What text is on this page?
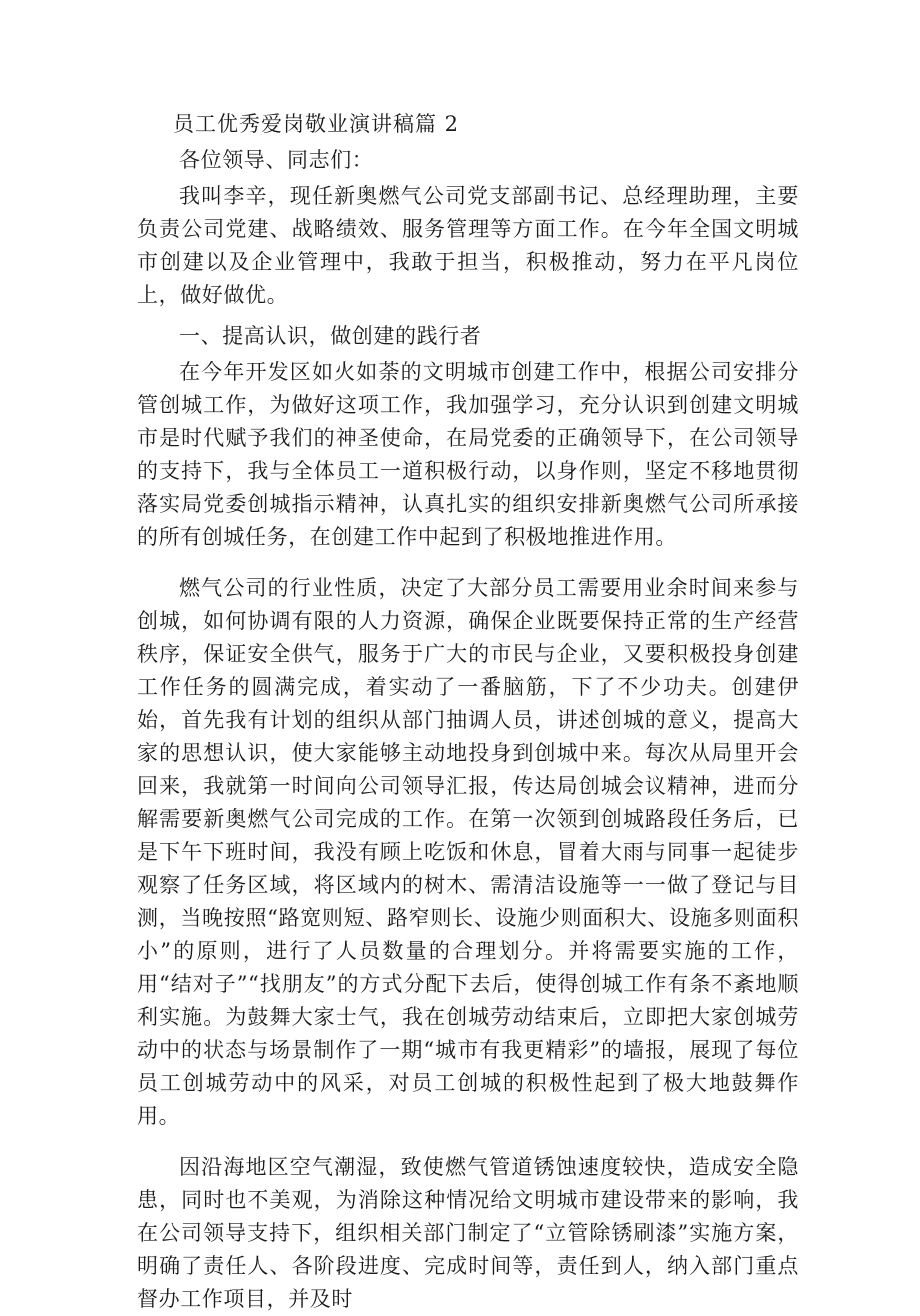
员工优秀爱岗敬业演讲稿篇 2

各位领导、同志们：

我叫李辛，现任新奥燃气公司党支部副书记、总经理助理，主要负责公司党建、战略绩效、服务管理等方面工作。在今年全国文明城市创建以及企业管理中，我敢于担当，积极推动，努力在平凡岗位上，做好做优。

一、提高认识，做创建的践行者

在今年开发区如火如荼的文明城市创建工作中，根据公司安排分管创城工作，为做好这项工作，我加强学习，充分认识到创建文明城市是时代赋予我们的神圣使命，在局党委的正确领导下，在公司领导的支持下，我与全体员工一道积极行动，以身作则，坚定不移地贯彻落实局党委创城指示精神，认真扎实的组织安排新奥燃气公司所承接的所有创城任务，在创建工作中起到了积极地推进作用。

燃气公司的行业性质，决定了大部分员工需要用业余时间来参与创城，如何协调有限的人力资源，确保企业既要保持正常的生产经营秩序，保证安全供气，服务于广大的市民与企业，又要积极投身创建工作任务的圆满完成，着实动了一番脑筋，下了不少功夫。创建伊始，首先我有计划的组织从部门抽调人员，讲述创城的意义，提高大家的思想认识，使大家能够主动地投身到创城中来。每次从局里开会回来，我就第一时间向公司领导汇报，传达局创城会议精神，进而分解需要新奥燃气公司完成的工作。在第一次领到创城路段任务后，已是下午下班时间，我没有顾上吃饭和休息，冒着大雨与同事一起徒步观察了任务区域，将区域内的树木、需清洁设施等一一做了登记与目测，当晚按照“路宽则短、路窄则长、设施少则面积大、设施多则面积小”的原则，进行了人员数量的合理划分。并将需要实施的工作，用“结对子”“找朋友”的方式分配下去后，使得创城工作有条不紊地顺利实施。为鼓舞大家士气，我在创城劳动结束后，立即把大家创城劳动中的状态与场景制作了一期“城市有我更精彩”的墙报，展现了每位员工创城劳动中的风采，对员工创城的积极性起到了极大地鼓舞作用。

因沿海地区空气潮湿，致使燃气管道锈蚀速度较快，造成安全隐患，同时也不美观，为消除这种情况给文明城市建设带来的影响，我在公司领导支持下，组织相关部门制定了“立管除锈刷漆”实施方案，明确了责任人、各阶段进度、完成时间等，责任到人，纳入部门重点督办工作项目，并及时
